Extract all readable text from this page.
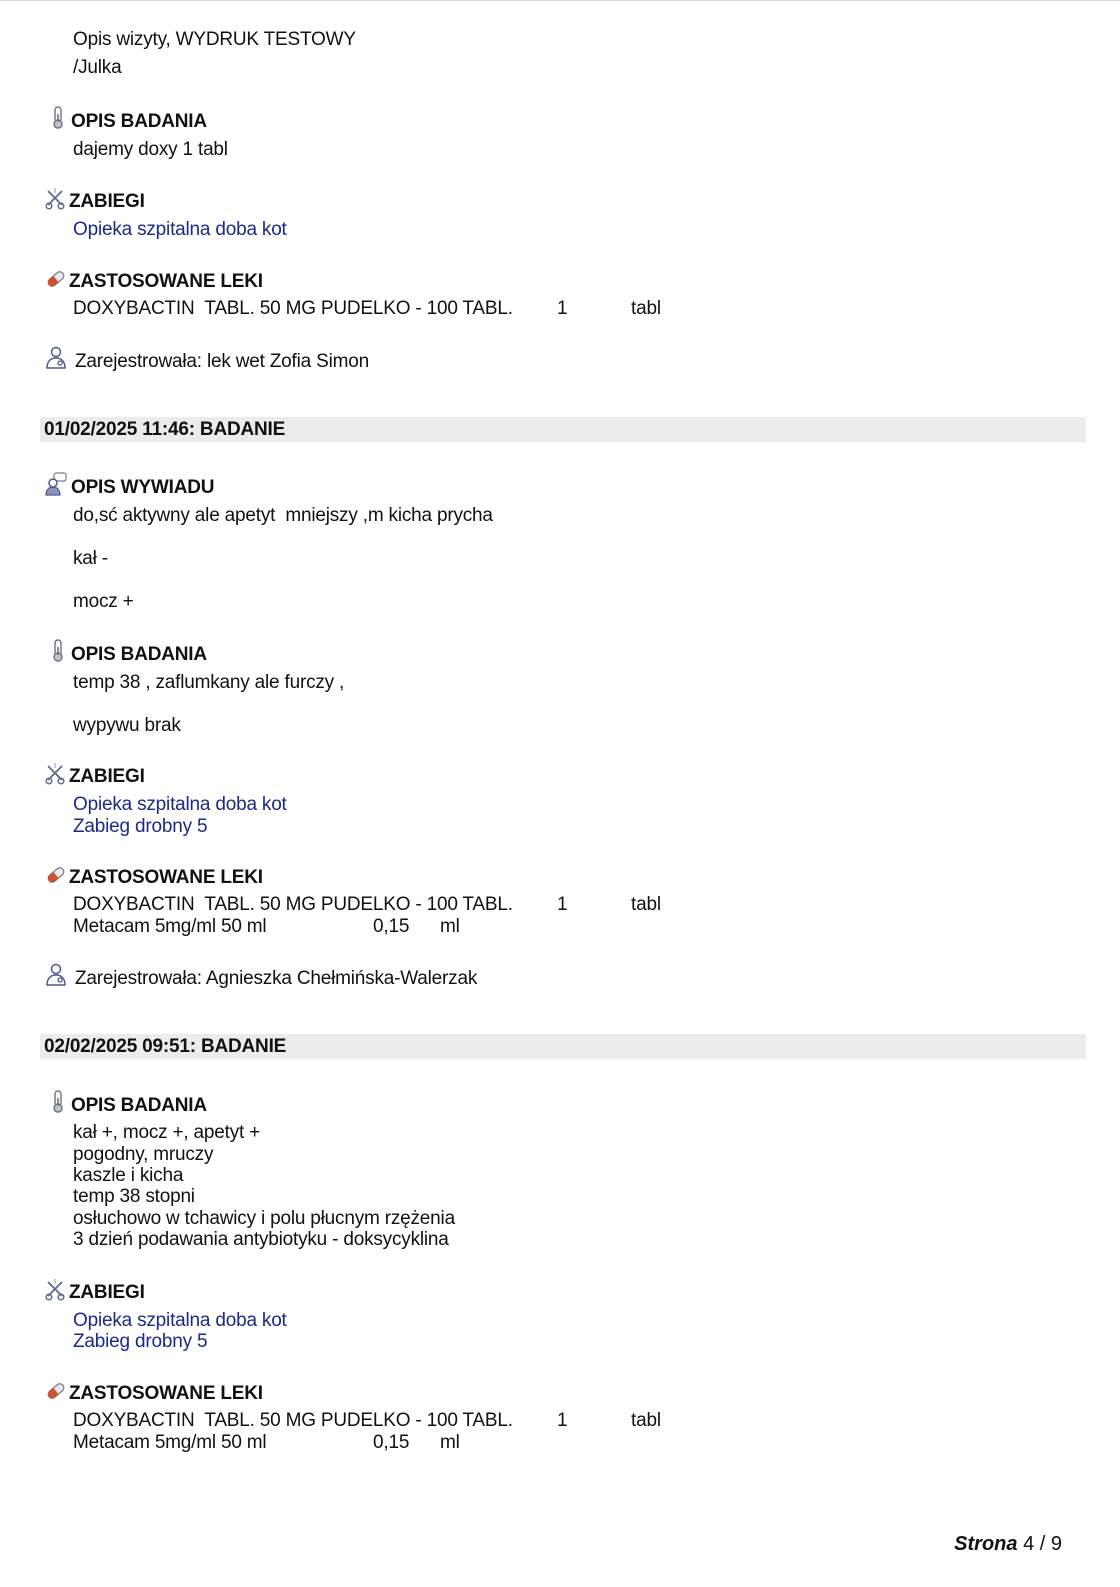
Opis wizyty, WYDRUK TESTOWY
/Julka
OPIS BADANIA
dajemy doxy 1 tabl
ZABIEGI
Opieka szpitalna doba kot
ZASTOSOWANE LEKI
DOXYBACTIN  TABL. 50 MG PUDELKO - 100 TABL. 1	tabl
Zarejestrowała: lek wet Zofia Simon
01/02/2025 11:46: BADANIE
OPIS WYWIADU
do,sć aktywny ale apetyt  mniejszy ,m kicha prycha
kał -
mocz +
OPIS BADANIA
temp 38 , zaflumkany ale furczy ,
wypywu brak
ZABIEGI
Opieka szpitalna doba kot
Zabieg drobny 5
ZASTOSOWANE LEKI
DOXYBACTIN  TABL. 50 MG PUDELKO - 100 TABL. 1	tabl
Metacam 5mg/ml 50 ml	0,15 ml
Zarejestrowała: Agnieszka Chełmińska-Walerzak
02/02/2025 09:51: BADANIE
OPIS BADANIA
kał +, mocz +, apetyt +
pogodny, mruczy
kaszle i kicha
temp 38 stopni
osłuchowo w tchawicy i polu płucnym rzężenia
3 dzień podawania antybiotyku - doksycyklina
ZABIEGI
Opieka szpitalna doba kot
Zabieg drobny 5
ZASTOSOWANE LEKI
DOXYBACTIN  TABL. 50 MG PUDELKO - 100 TABL. 1	tabl
Metacam 5mg/ml 50 ml	0,15 ml
Strona 4 / 9
